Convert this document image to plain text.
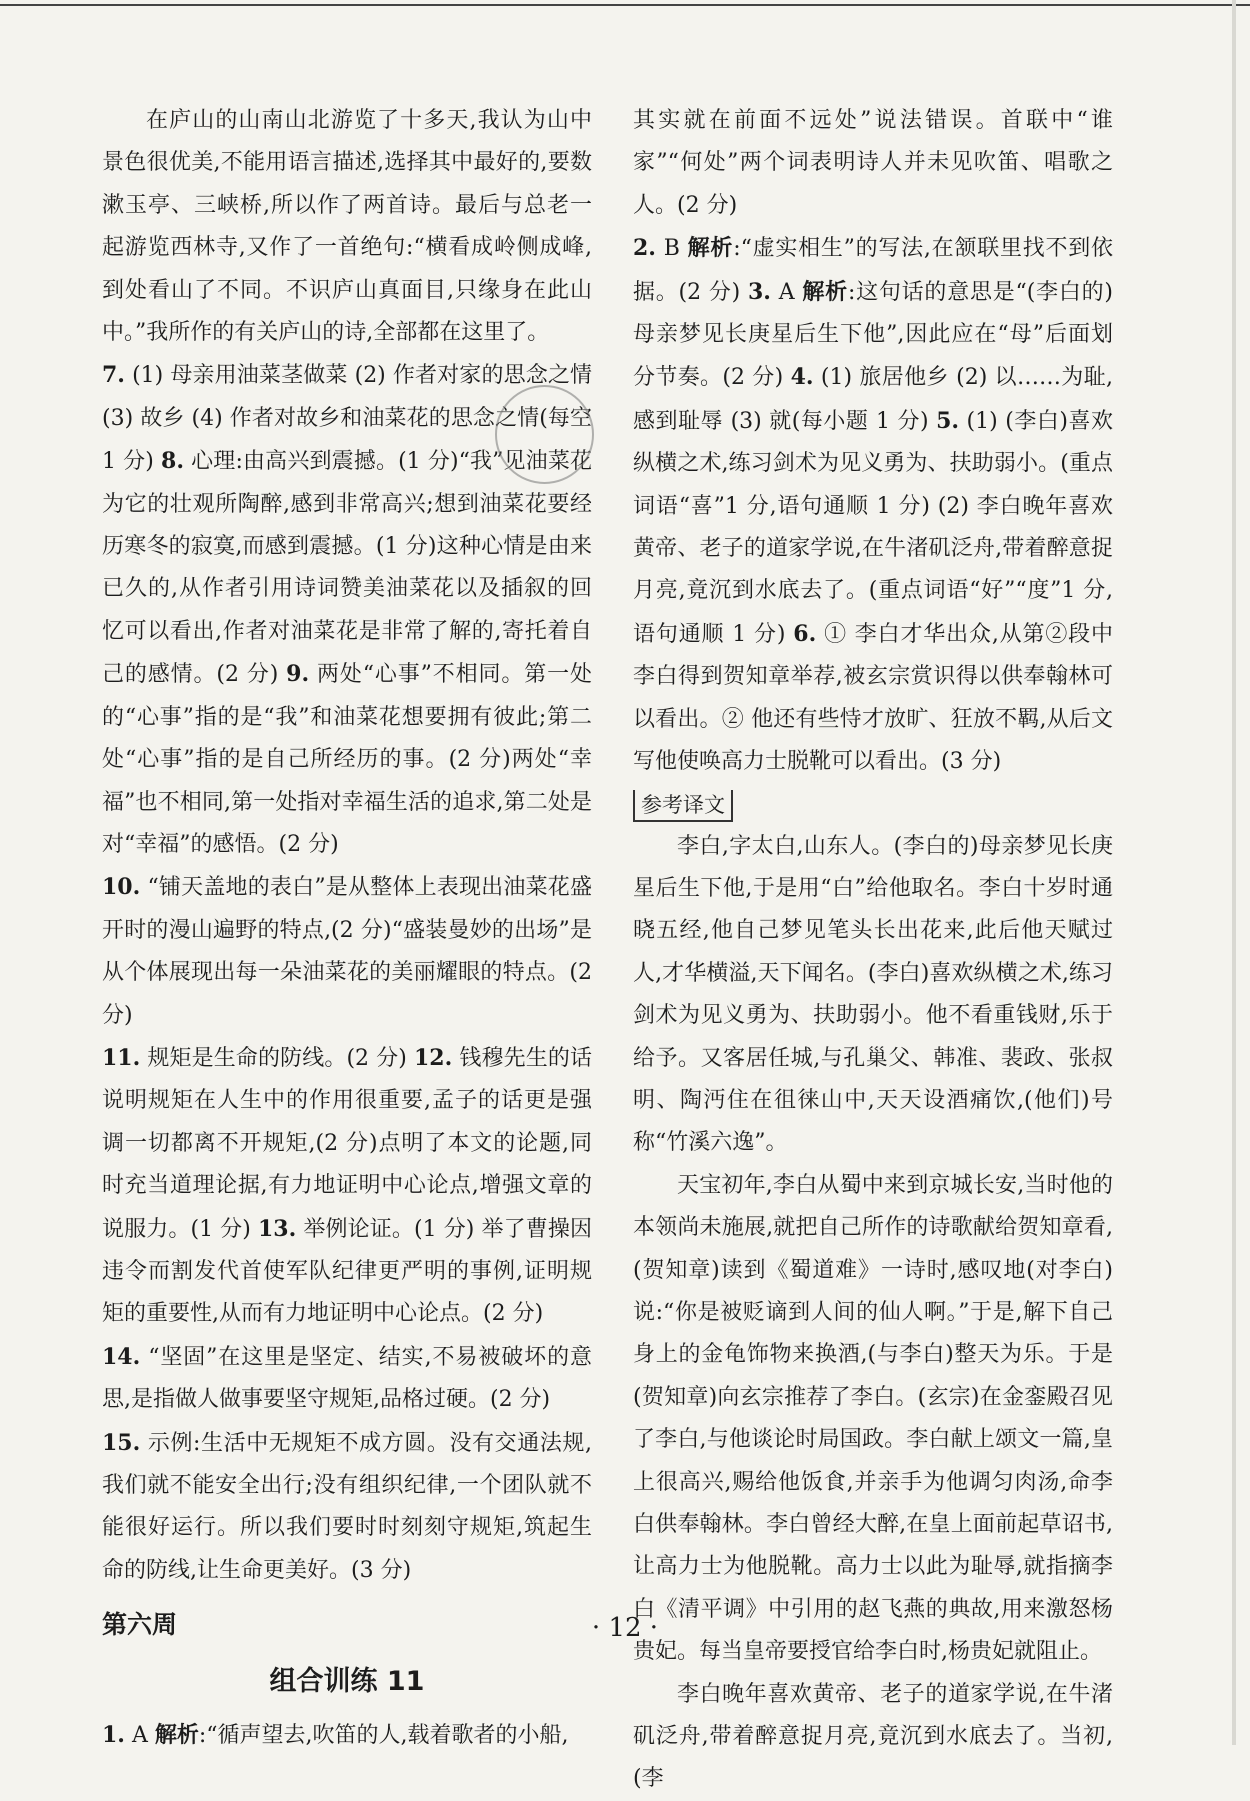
在庐山的山南山北游览了十多天,我认为山中景色很优美,不能用语言描述,选择其中最好的,要数漱玉亭、三峡桥,所以作了两首诗。最后与总老一起游览西林寺,又作了一首绝句:“横看成岭侧成峰,到处看山了不同。不识庐山真面目,只缘身在此山中。”我所作的有关庐山的诗,全部都在这里了。

7. (1) 母亲用油菜茎做菜 (2) 作者对家的思念之情 (3) 故乡 (4) 作者对故乡和油菜花的思念之情(每空 1 分) 8. 心理:由高兴到震撼。(1 分)“我”见油菜花为它的壮观所陶醉,感到非常高兴;想到油菜花要经历寒冬的寂寞,而感到震撼。(1 分)这种心情是由来已久的,从作者引用诗词赞美油菜花以及插叙的回忆可以看出,作者对油菜花是非常了解的,寄托着自己的感情。(2 分) 9. 两处“心事”不相同。第一处的“心事”指的是“我”和油菜花想要拥有彼此;第二处“心事”指的是自己所经历的事。(2 分)两处“幸福”也不相同,第一处指对幸福生活的追求,第二处是对“幸福”的感悟。(2 分)

10. “铺天盖地的表白”是从整体上表现出油菜花盛开时的漫山遍野的特点,(2 分)“盛装曼妙的出场”是从个体展现出每一朵油菜花的美丽耀眼的特点。(2 分)

11. 规矩是生命的防线。(2 分) 12. 钱穆先生的话说明规矩在人生中的作用很重要,孟子的话更是强调一切都离不开规矩,(2 分)点明了本文的论题,同时充当道理论据,有力地证明中心论点,增强文章的说服力。(1 分) 13. 举例论证。(1 分) 举了曹操因违令而割发代首使军队纪律更严明的事例,证明规矩的重要性,从而有力地证明中心论点。(2 分)

14. “坚固”在这里是坚定、结实,不易被破坏的意思,是指做人做事要坚守规矩,品格过硬。(2 分)

15. 示例:生活中无规矩不成方圆。没有交通法规,我们就不能安全出行;没有组织纪律,一个团队就不能很好运行。所以我们要时时刻刻守规矩,筑起生命的防线,让生命更美好。(3 分)

第六周
组合训练 11

1. A 解析:“循声望去,吹笛的人,载着歌者的小船,

其实就在前面不远处”说法错误。首联中“谁家”“何处”两个词表明诗人并未见吹笛、唱歌之人。(2 分)

2. B 解析:“虚实相生”的写法,在颔联里找不到依据。(2 分) 3. A 解析:这句话的意思是“(李白的)母亲梦见长庚星后生下他”,因此应在“母”后面划分节奏。(2 分) 4. (1) 旅居他乡 (2) 以……为耻,感到耻辱 (3) 就(每小题 1 分) 5. (1) (李白)喜欢纵横之术,练习剑术为见义勇为、扶助弱小。(重点词语“喜”1 分,语句通顺 1 分) (2) 李白晚年喜欢黄帝、老子的道家学说,在牛渚矶泛舟,带着醉意捉月亮,竟沉到水底去了。(重点词语“好”“度”1 分,语句通顺 1 分) 6. ① 李白才华出众,从第②段中李白得到贺知章举荐,被玄宗赏识得以供奉翰林可以看出。② 他还有些恃才放旷、狂放不羁,从后文写他使唤高力士脱靴可以看出。(3 分)

参考译文

李白,字太白,山东人。(李白的)母亲梦见长庚星后生下他,于是用“白”给他取名。李白十岁时通晓五经,他自己梦见笔头长出花来,此后他天赋过人,才华横溢,天下闻名。(李白)喜欢纵横之术,练习剑术为见义勇为、扶助弱小。他不看重钱财,乐于给予。又客居任城,与孔巢父、韩准、裴政、张叔明、陶沔住在徂徕山中,天天设酒痛饮,(他们)号称“竹溪六逸”。

天宝初年,李白从蜀中来到京城长安,当时他的本领尚未施展,就把自己所作的诗歌献给贺知章看,(贺知章)读到《蜀道难》一诗时,感叹地(对李白)说:“你是被贬谪到人间的仙人啊。”于是,解下自己身上的金龟饰物来换酒,(与李白)整天为乐。于是(贺知章)向玄宗推荐了李白。(玄宗)在金銮殿召见了李白,与他谈论时局国政。李白献上颂文一篇,皇上很高兴,赐给他饭食,并亲手为他调匀肉汤,命李白供奉翰林。李白曾经大醉,在皇上面前起草诏书,让高力士为他脱靴。高力士以此为耻辱,就指摘李白《清平调》中引用的赵飞燕的典故,用来激怒杨贵妃。每当皇帝要授官给李白时,杨贵妃就阻止。

李白晚年喜欢黄帝、老子的道家学说,在牛渚矶泛舟,带着醉意捉月亮,竟沉到水底去了。当初,(李

· 12 ·
